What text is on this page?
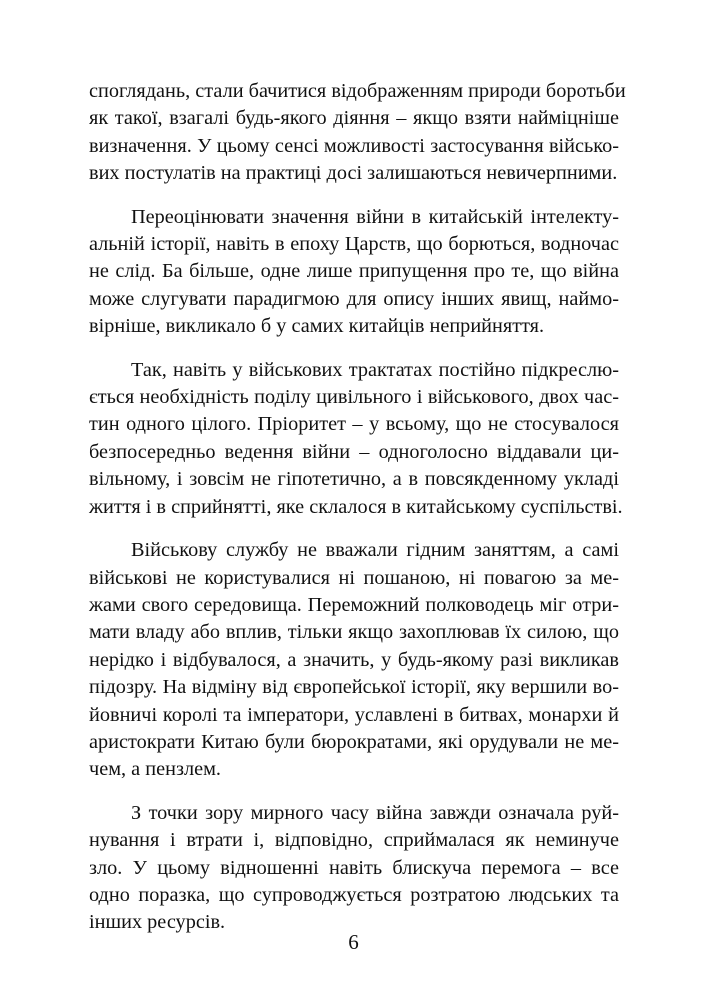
споглядань, стали бачитися відображенням природи боротьби
як такої, взагалі будь-якого діяння – якщо взяти найміцніше
визначення. У цьому сенсі можливості застосування військо-
вих постулатів на практиці досі залишаються невичерпними.

Переоцінювати значення війни в китайській інтелекту-
альній історії, навіть в епоху Царств, що борються, водночас
не слід. Ба більше, одне лише припущення про те, що війна
може слугувати парадигмою для опису інших явищ, наймо-
вірніше, викликало б у самих китайців неприйняття.

Так, навіть у військових трактатах постійно підкреслю-
ється необхідність поділу цивільного і військового, двох час-
тин одного цілого. Пріоритет – у всьому, що не стосувалося
безпосередньо ведення війни – одноголосно віддавали ци-
вільному, і зовсім не гіпотетично, а в повсякденному укладі
життя і в сприйнятті, яке склалося в китайському суспільстві.

Військову службу не вважали гідним заняттям, а самі
військові не користувалися ні пошаною, ні повагою за ме-
жами свого середовища. Переможний полководець міг отри-
мати владу або вплив, тільки якщо захоплював їх силою, що
нерідко і відбувалося, а значить, у будь-якому разі викликав
підозру. На відміну від європейської історії, яку вершили во-
йовничі королі та імператори, уславлені в битвах, монархи й
аристократи Китаю були бюрократами, які орудували не ме-
чем, а пензлем.

З точки зору мирного часу війна завжди означала руй-
нування і втрати і, відповідно, сприймалася як неминуче
зло. У цьому відношенні навіть блискуча перемога – все
одно поразка, що супроводжується розтратою людських та
інших ресурсів.

6
